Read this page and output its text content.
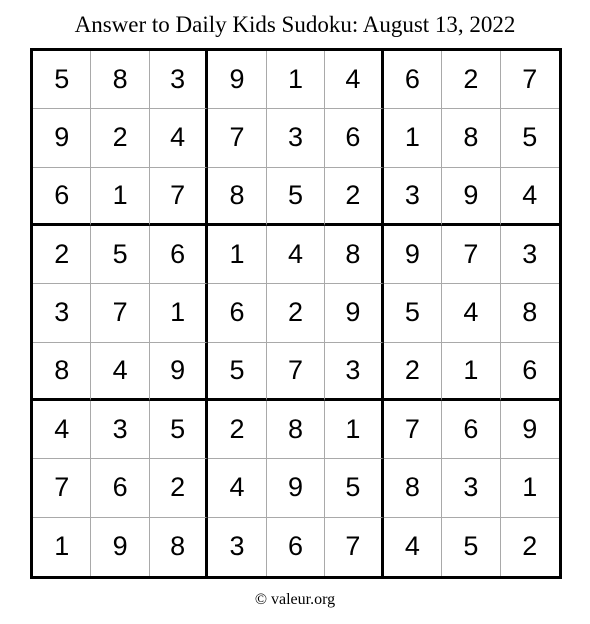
Answer to Daily Kids Sudoku: August 13, 2022
5	8	3	9	1	4	6	2	7
9	2	4	7	3	6	1	8	5
6	1	7	8	5	2	3	9	4
2	5	6	1	4	8	9	7	3
3	7	1	6	2	9	5	4	8
8	4	9	5	7	3	2	1	6
4	3	5	2	8	1	7	6	9
7	6	2	4	9	5	8	3	1
1	9	8	3	6	7	4	5	2
© valeur.org
